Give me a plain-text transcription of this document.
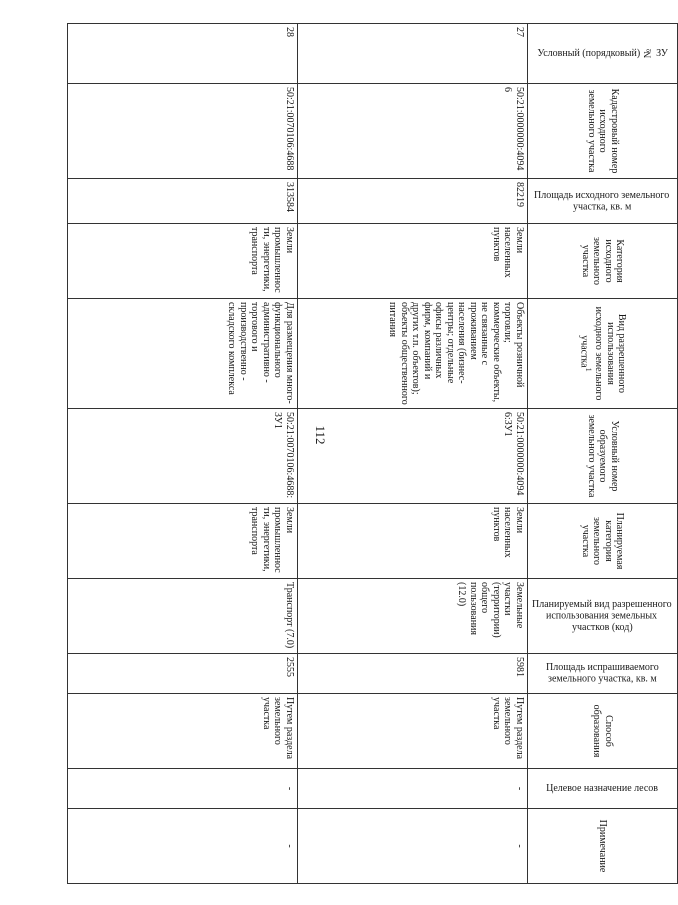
112
Условный (порядковый) № ЗУ	Кадастровый номер исходного земельного участка	Площадь исходного земельного участка, кв. м	Категория исходного земельного участка	Вид разрешенного использования исходного земельного участка$^1$	Условный номер образуемого земельного участка	Планируемая категория земельного участка	Планируемый вид разрешенного использования земельных участков (код)	Площадь испрашиваемого земельного участка, кв. м	Способ образования	Целевое назначение лесов	Примечание
27	50:21:0000000:40946	82219	Земли населенных пунктов	Объекты розничной торговли; коммерческие объекты, не связанные с проживанием населения (бизнес-центры; отдельные офисы различных фирм, компаний и других т.п. объектов); объекты общественного питания	50:21:0000000:40946:ЗУ1	Земли населенных пунктов	Земельные участки (территории) общего пользования (12.0)	5981	Путем раздела земельного участка	-	-
28	50:21:0070106:4688	313584	Земли промышленности, энергетики, транспорта	Для размещения много-функционального административно - торгового и производственно - складского комплекса	50:21:0070106:4688:ЗУ1	Земли промышленности, энергетики, транспорта	Транспорт (7.0)	2555	Путем раздела земельного участка	-	-
